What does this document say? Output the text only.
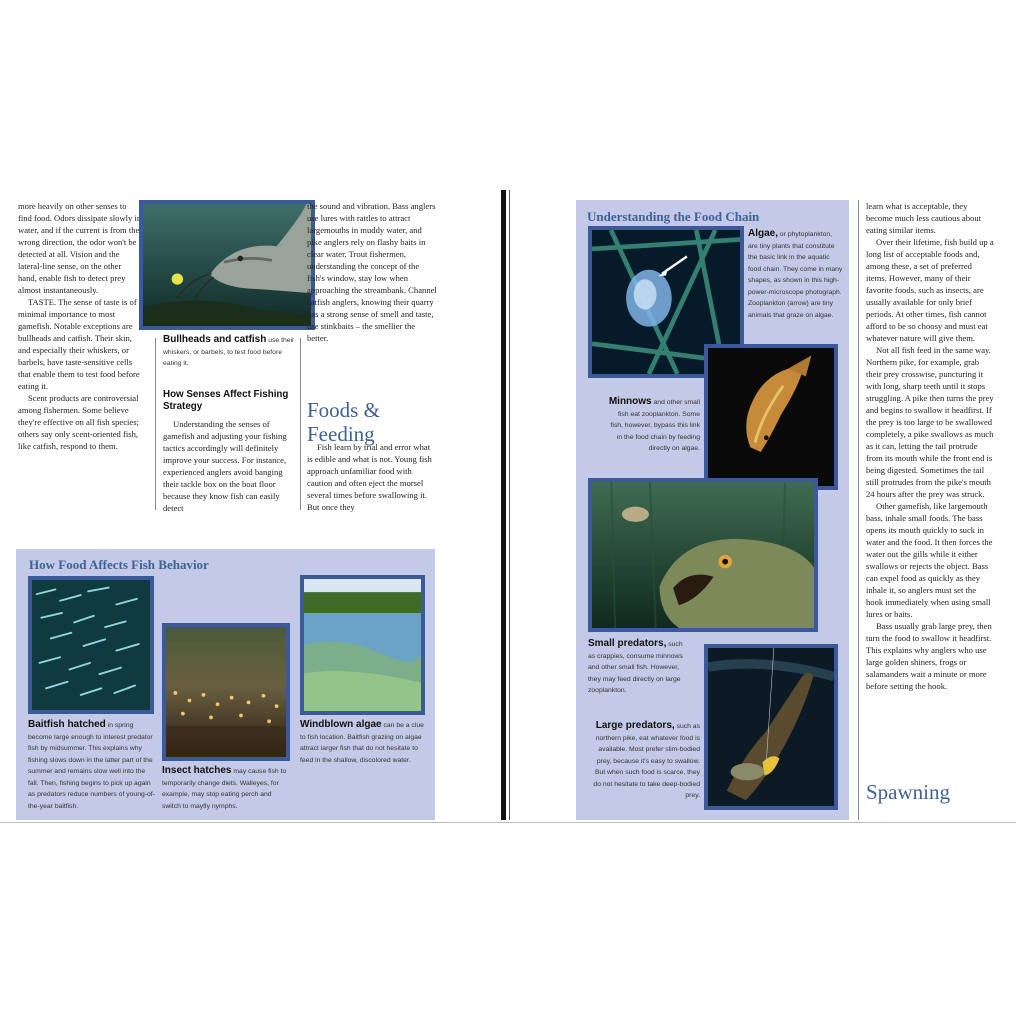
more heavily on other senses to find food. Odors dissipate slowly in water, and if the current is from the wrong direction, the odor won't be detected at all. Vision and the lateral-line sense, on the other hand, enable fish to detect prey almost instantaneously.

TASTE. The sense of taste is of minimal importance to most gamefish. Notable exceptions are bullheads and catfish. Their skin, and especially their whiskers, or barbels, have taste-sensitive cells that enable them to test food before eating it.

Scent products are controversial among fishermen. Some believe they're effective on all fish species; others say only scent-oriented fish, like catfish, respond to them.

Bullheads and catfish use their whiskers, or barbels, to test food before eating it.
How Senses Affect Fishing Strategy

Understanding the senses of gamefish and adjusting your fishing tactics accordingly will definitely improve your success. For instance, experienced anglers avoid banging their tackle box on the boat floor because they know fish can easily detect

the sound and vibration. Bass anglers use lures with rattles to attract largemouths in muddy water, and pike anglers rely on flashy baits in clear water. Trout fishermen, understanding the concept of the fish's window, stay low when approaching the streambank. Channel catfish anglers, knowing their quarry has a strong sense of smell and taste, use stinkbaits – the smellier the better.

Foods & Feeding

Fish learn by trial and error what is edible and what is not. Young fish approach unfamiliar food with caution and often eject the morsel several times before swallowing it. But once they

How Food Affects Fish Behavior
Baitfish hatched in spring become large enough to interest predator fish by midsummer. This explains why fishing slows down in the latter part of the summer and remains slow well into the fall. Then, fishing begins to pick up again as predators reduce numbers of young-of-the-year baitfish.
Insect hatches may cause fish to temporarily change diets. Walleyes, for example, may stop eating perch and switch to mayfly nymphs.
Windblown algae can be a clue to fish location. Baitfish grazing on algae attract larger fish that do not hesitate to feed in the shallow, discolored water.
Understanding the Food Chain
Algae, or phytoplankton, are tiny plants that constitute the basic link in the aquatic food chain. They come in many shapes, as shown in this high-power-microscope photograph. Zooplankton (arrow) are tiny animals that graze on algae.
Minnows and other small fish eat zooplankton. Some fish, however, bypass this link in the food chain by feeding directly on algae.
Small predators, such as crappies, consume minnows and other small fish. However, they may feed directly on large zooplankton.
Large predators, such as northern pike, eat whatever food is available. Most prefer slim-bodied prey, because it's easy to swallow. But when such food is scarce, they do not hesitate to take deep-bodied prey.

learn what is acceptable, they become much less cautious about eating similar items.

Over their lifetime, fish build up a long list of acceptable foods and, among these, a set of preferred items. However, many of their favorite foods, such as insects, are usually available for only brief periods. At other times, fish cannot afford to be so choosy and must eat whatever nature will give them.

Not all fish feed in the same way. Northern pike, for example, grab their prey crosswise, puncturing it with long, sharp teeth until it stops struggling. A pike then turns the prey and begins to swallow it headfirst. If the prey is too large to be swallowed completely, a pike swallows as much as it can, letting the tail protrude from its mouth while the front end is being digested. Sometimes the tail still protrudes from the pike's mouth 24 hours after the prey was struck.

Other gamefish, like largemouth bass, inhale small foods. The bass opens its mouth quickly to suck in water and the food. It then forces the water out the gills while it either swallows or rejects the object. Bass can expel food as quickly as they inhale it, so anglers must set the hook immediately when using small lures or baits.

Bass usually grab large prey, then turn the food to swallow it headfirst. This explains why anglers who use large golden shiners, frogs or salamanders wait a minute or more before setting the hook.

Spawning
